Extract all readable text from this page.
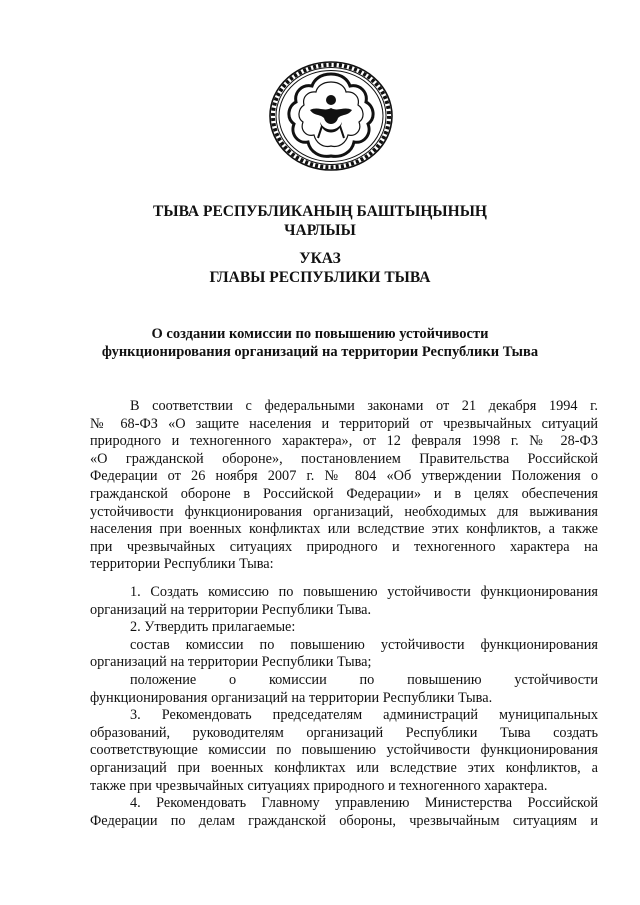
ТЫВА РЕСПУБЛИКАНЫҢ БАШТЫҢЫНЫҢ
ЧАРЛЫЫ
УКАЗ
ГЛАВЫ РЕСПУБЛИКИ ТЫВА
О создании комиссии по повышению устойчивости
функционирования организаций на территории Республики Тыва
В соответствии с федеральными законами от 21 декабря 1994 г.
№ 68-ФЗ «О защите населения и территорий от чрезвычайных ситуаций
природного и техногенного характера», от 12 февраля 1998 г. № 28-ФЗ
«О гражданской обороне», постановлением Правительства Российской
Федерации от 26 ноября 2007 г. № 804 «Об утверждении Положения о
гражданской обороне в Российской Федерации» и в целях обеспечения
устойчивости функционирования организаций, необходимых для выживания
населения при военных конфликтах или вследствие этих конфликтов, а также
при чрезвычайных ситуациях природного и техногенного характера на
территории Республики Тыва:
1. Создать комиссию по повышению устойчивости функционирования
организаций на территории Республики Тыва.
2. Утвердить прилагаемые:
состав комиссии по повышению устойчивости функционирования
организаций на территории Республики Тыва;
положение о комиссии по повышению устойчивости
функционирования организаций на территории Республики Тыва.
3. Рекомендовать председателям администраций муниципальных
образований, руководителям организаций Республики Тыва создать
соответствующие комиссии по повышению устойчивости функционирования
организаций при военных конфликтах или вследствие этих конфликтов, а
также при чрезвычайных ситуациях природного и техногенного характера.
4. Рекомендовать Главному управлению Министерства Российской
Федерации по делам гражданской обороны, чрезвычайным ситуациям и
